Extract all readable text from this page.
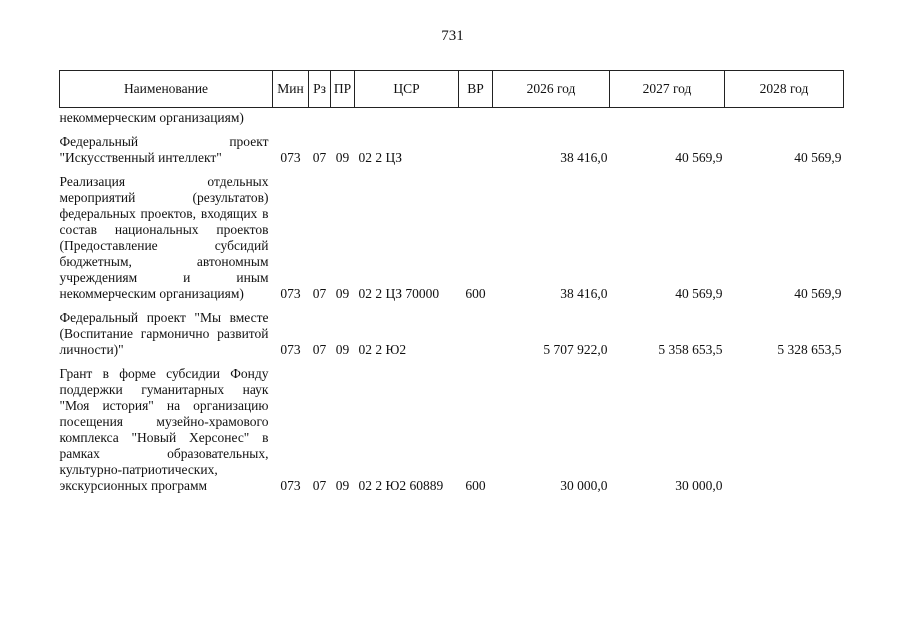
731
Наименование	Мин	Рз	ПР	ЦСР	ВР	2026 год	2027 год	2028 год
некоммерческим организациям)								

Федеральный проект "Искусственный интеллект"	073	07	09	02 2 ЦЗ		38 416,0	40 569,9	40 569,9

Реализация отдельных мероприятий (результатов) федеральных проектов, входящих в состав национальных проектов (Предоставление субсидий бюджетным, автономным учреждениям и иным некоммерческим организациям)	073	07	09	02 2 ЦЗ 70000	600	38 416,0	40 569,9	40 569,9

Федеральный проект "Мы вместе (Воспитание гармонично развитой личности)"	073	07	09	02 2 Ю2		5 707 922,0	5 358 653,5	5 328 653,5

Грант в форме субсидии Фонду поддержки гуманитарных наук "Моя история" на организацию посещения музейно-храмового комплекса "Новый Херсонес" в рамках образовательных, культурно-патриотических, экскурсионных программ	073	07	09	02 2 Ю2 60889	600	30 000,0	30 000,0	
